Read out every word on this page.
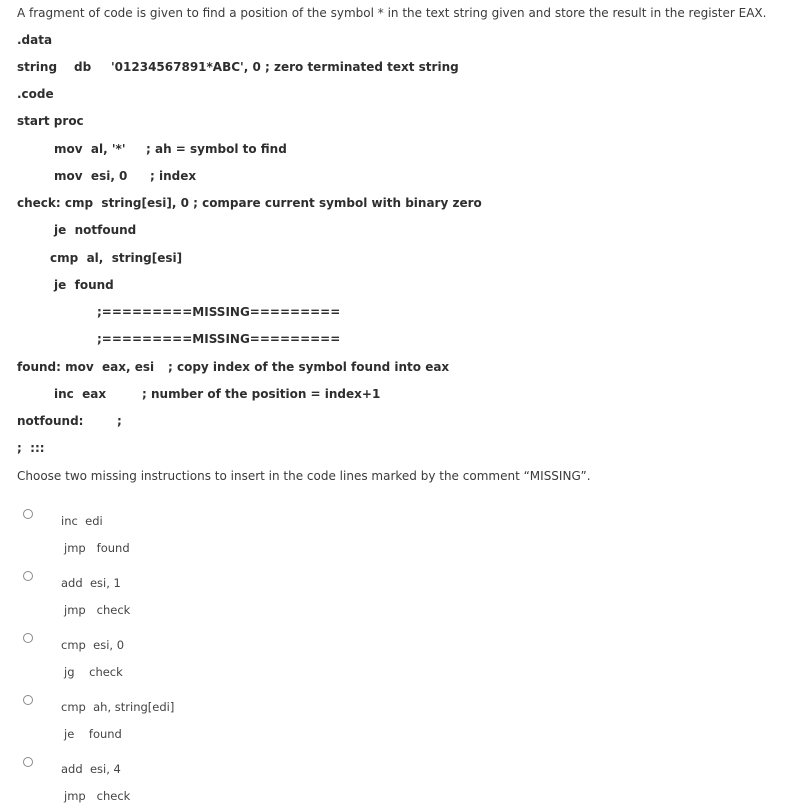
A fragment of code is given to find a position of the symbol * in the text string given and store the result in the register EAX.
.data
string db '01234567891*ABC', 0 ; zero terminated text string
.code
start proc
mov  al, '*' ; ah = symbol to find
mov  esi, 0 ; index
check: cmp  string[esi], 0 ; compare current symbol with binary zero
je  notfound
cmp  al,  string[esi]
je  found
;=========MISSING=========
;=========MISSING=========
found: mov  eax, esi ; copy index of the symbol found into eax
inc  eax	; number of the position = index+1
notfound:	;
;  :::
Choose two missing instructions to insert in the code lines marked by the comment “MISSING”.
inc  edi
jmp   found
add  esi, 1
jmp   check
cmp  esi, 0
jg    check
cmp  ah, string[edi]
je    found
add  esi, 4
jmp   check
